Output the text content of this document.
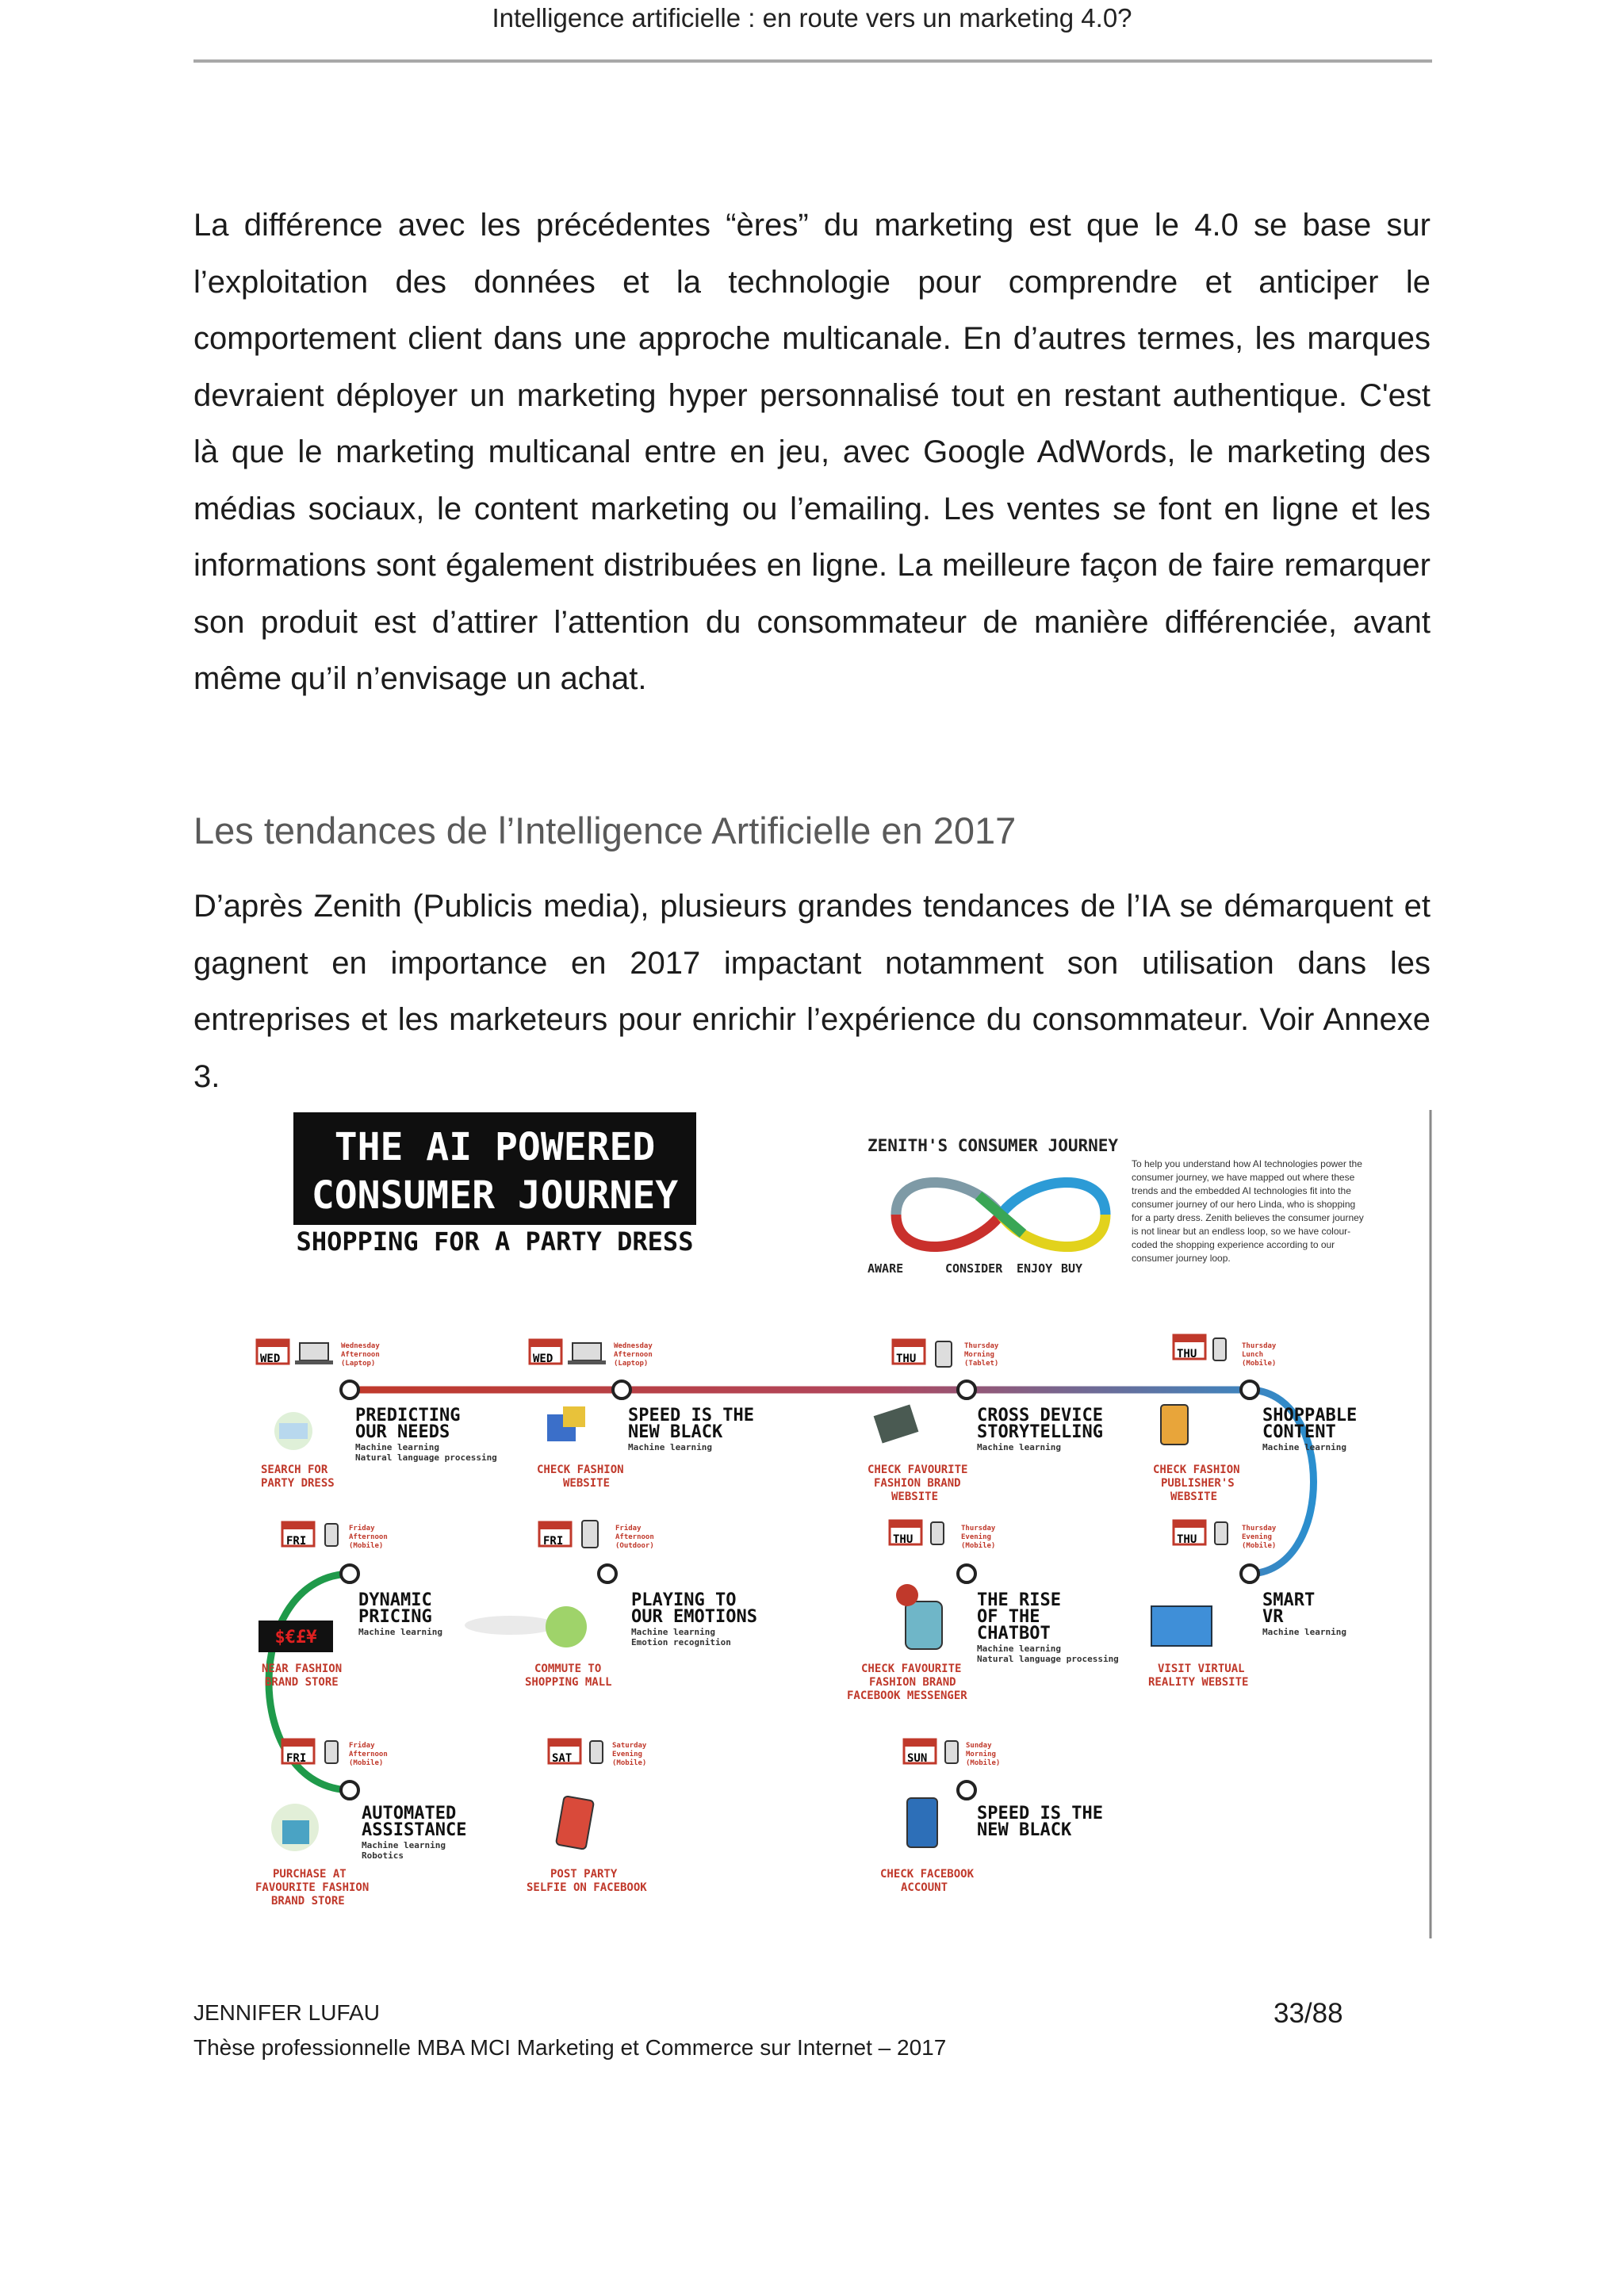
Intelligence artificielle : en route vers un marketing 4.0?

La différence avec les précédentes “ères” du marketing est que le 4.0 se base sur l’exploitation des données et la technologie pour comprendre et anticiper le comportement client dans une approche multicanale. En d’autres termes, les marques devraient déployer un marketing hyper personnalisé tout en restant authentique. C'est là que le marketing multicanal entre en jeu, avec Google AdWords, le marketing des médias sociaux, le content marketing ou l’emailing. Les ventes se font en ligne et les informations sont également distribuées en ligne. La meilleure façon de faire remarquer son produit est d’attirer l’attention du consommateur de manière différenciée, avant même qu’il n’envisage un achat.

Les tendances de l’Intelligence Artificielle en 2017

D’après Zenith (Publicis media), plusieurs grandes tendances de l’IA se démarquent et gagnent en importance en 2017 impactant notamment son utilisation dans les entreprises et les marketeurs pour enrichir l’expérience du consommateur. Voir Annexe 3.

THE AI POWERED
CONSUMER JOURNEY
SHOPPING FOR A PARTY DRESS
ZENITH'S CONSUMER JOURNEY
AWARE	CONSIDER ENJOY BUY
To help you understand how AI technologies power the
consumer journey, we have mapped out where these
trends and the embedded AI technologies fit into the
consumer journey of our hero Linda, who is shopping
for a party dress. Zenith believes the consumer journey
is not linear but an endless loop, so we have colour-
coded the shopping experience according to our
consumer journey loop.
WED
Wednesday
Afternoon
(Laptop)
PREDICTING
OUR NEEDS
Machine learning
Natural language processing
SEARCH FOR
PARTY DRESS
WED
Wednesday
Afternoon
(Laptop)
SPEED IS THE
NEW BLACK
Machine learning
CHECK FASHION
WEBSITE
THU
Thursday
Morning
(Tablet)
CROSS DEVICE
STORYTELLING
Machine learning
CHECK FAVOURITE
FASHION BRAND
WEBSITE
THU
Thursday
Lunch
(Mobile)
SHOPPABLE
CONTENT
Machine learning
CHECK FASHION
PUBLISHER'S
WEBSITE
FRI
Friday
Afternoon
(Mobile)
$€£¥
DYNAMIC
PRICING
Machine learning
NEAR FASHION
BRAND STORE
FRI
Friday
Afternoon
(Outdoor)
PLAYING TO
OUR EMOTIONS
Machine learning
Emotion recognition
COMMUTE TO
SHOPPING MALL
THU
Thursday
Evening
(Mobile)
THE RISE
OF THE
CHATBOT
Machine learning
Natural language processing
CHECK FAVOURITE
FASHION BRAND
FACEBOOK MESSENGER
THU
Thursday
Evening
(Mobile)
SMART
VR
Machine learning
VISIT VIRTUAL
REALITY WEBSITE
FRI
Friday
Afternoon
(Mobile)
AUTOMATED
ASSISTANCE
Machine learning
Robotics
PURCHASE AT
FAVOURITE FASHION
BRAND STORE
SAT
Saturday
Evening
(Mobile)
POST PARTY
SELFIE ON FACEBOOK
SUN
Sunday
Morning
(Mobile)
SPEED IS THE
NEW BLACK
CHECK FACEBOOK
ACCOUNT
JENNIFER LUFAU	33/88
Thèse professionnelle MBA MCI Marketing et Commerce sur Internet – 2017
